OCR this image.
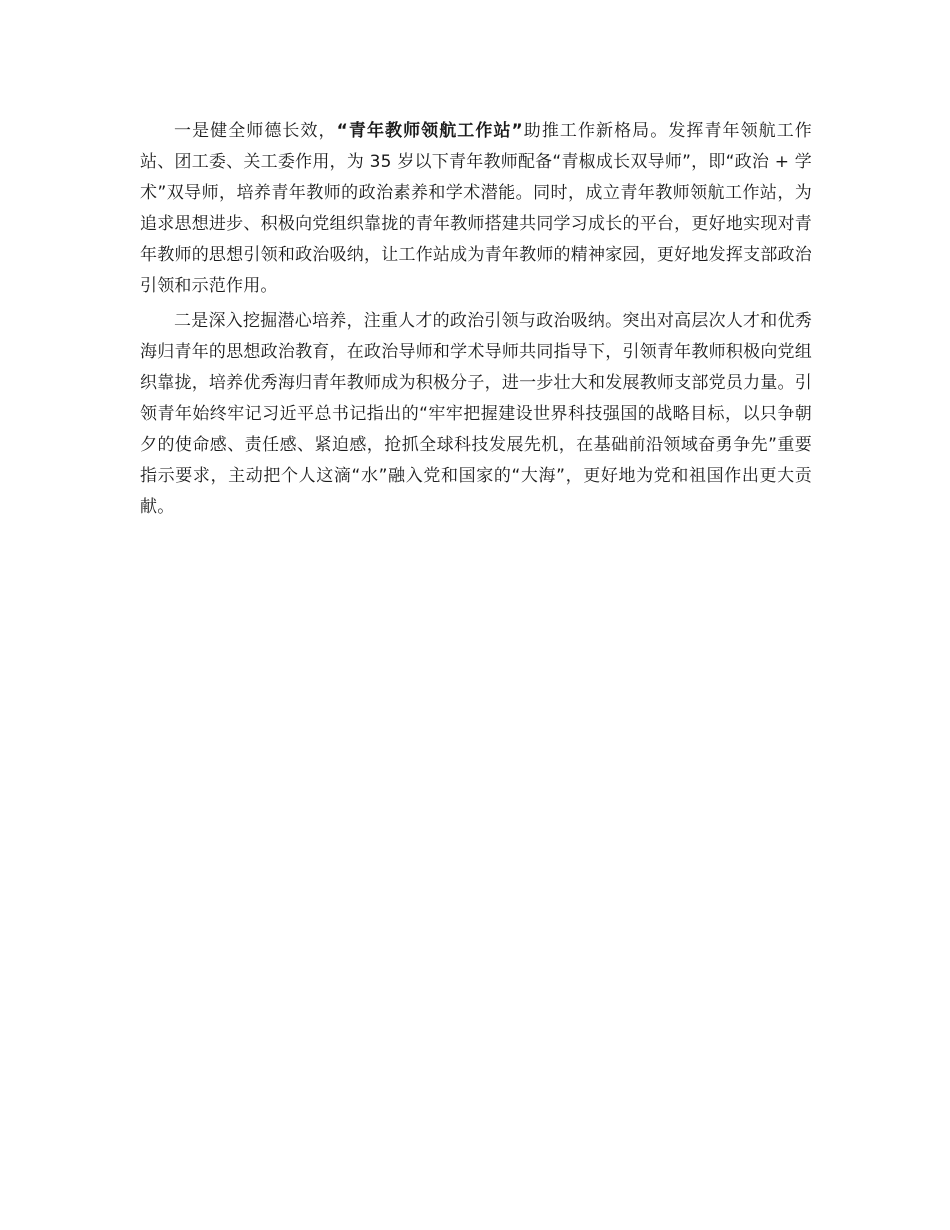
一是健全师德长效，“青年教师领航工作站”助推工作新格局。发挥青年领航工作站、团工委、关工委作用，为 35 岁以下青年教师配备“青椒成长双导师”，即“政治 + 学术”双导师，培养青年教师的政治素养和学术潜能。同时，成立青年教师领航工作站，为追求思想进步、积极向党组织靠拢的青年教师搭建共同学习成长的平台，更好地实现对青年教师的思想引领和政治吸纳，让工作站成为青年教师的精神家园，更好地发挥支部政治引领和示范作用。

二是深入挖掘潜心培养，注重人才的政治引领与政治吸纳。突出对高层次人才和优秀海归青年的思想政治教育，在政治导师和学术导师共同指导下，引领青年教师积极向党组织靠拢，培养优秀海归青年教师成为积极分子，进一步壮大和发展教师支部党员力量。引领青年始终牢记习近平总书记指出的“牢牢把握建设世界科技强国的战略目标，以只争朝夕的使命感、责任感、紧迫感，抢抓全球科技发展先机，在基础前沿领域奋勇争先”重要指示要求，主动把个人这滴“水”融入党和国家的“大海”，更好地为党和祖国作出更大贡献。
